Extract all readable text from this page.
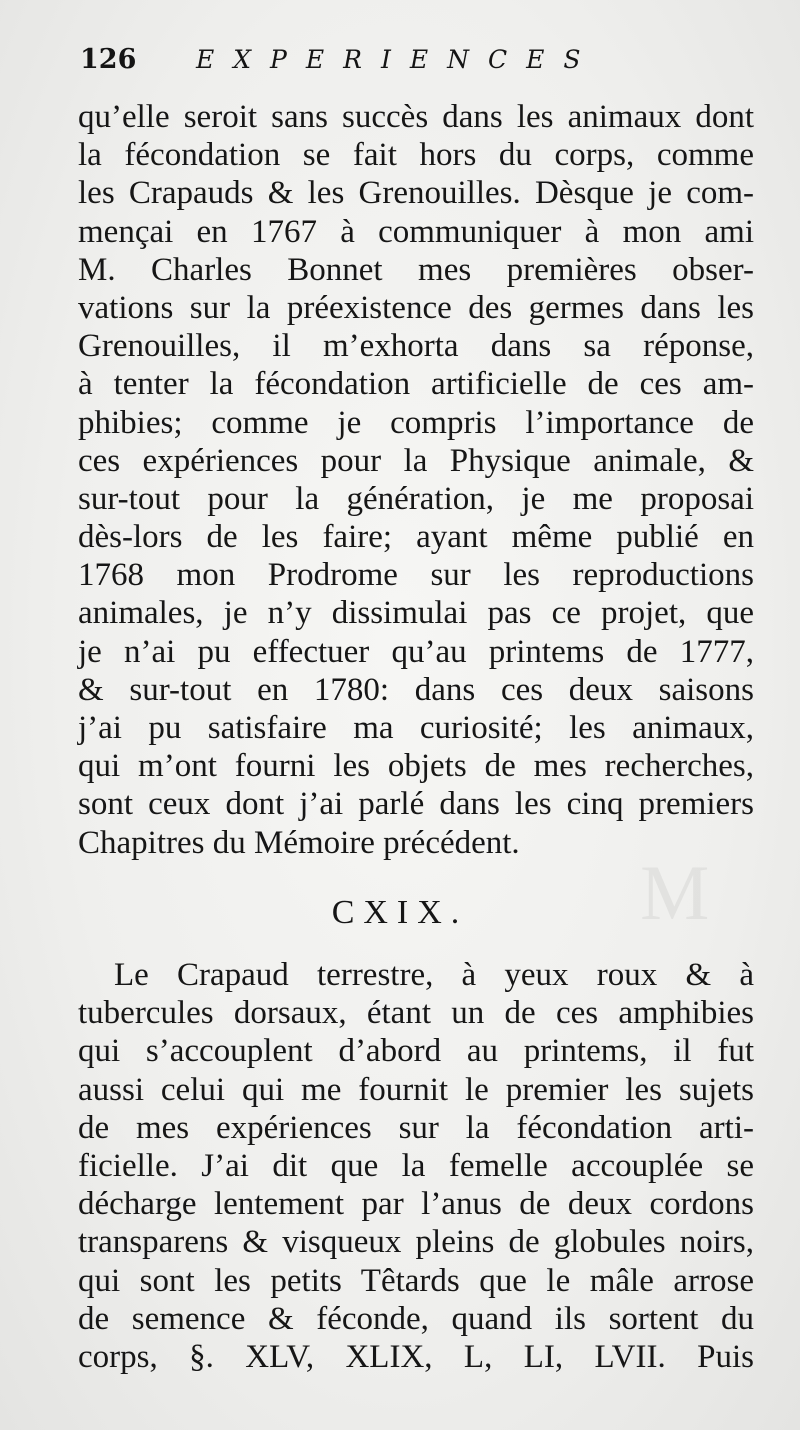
M
126 EXPERIENCES
qu’elle seroit sans succès dans les animaux dont
la fécondation se fait hors du corps, comme
les Crapauds & les Grenouilles. Dèsque je com-
mençai en 1767 à communiquer à mon ami
M. Charles Bonnet mes premières obser-
vations sur la préexistence des germes dans les
Grenouilles, il m’exhorta dans sa réponse,
à tenter la fécondation artificielle de ces am-
phibies; comme je compris l’importance de
ces expériences pour la Physique animale, &
sur-tout pour la génération, je me proposai
dès-lors de les faire; ayant même publié en
1768 mon Prodrome sur les reproductions
animales, je n’y dissimulai pas ce projet, que
je n’ai pu effectuer qu’au printems de 1777,
& sur-tout en 1780: dans ces deux saisons
j’ai pu satisfaire ma curiosité; les animaux,
qui m’ont fourni les objets de mes recherches,
sont ceux dont j’ai parlé dans les cinq premiers
Chapitres du Mémoire précédent.
CXIX.
Le Crapaud terrestre, à yeux roux & à
tubercules dorsaux, étant un de ces amphibies
qui s’accouplent d’abord au printems, il fut
aussi celui qui me fournit le premier les sujets
de mes expériences sur la fécondation arti-
ficielle. J’ai dit que la femelle accouplée se
décharge lentement par l’anus de deux cordons
transparens & visqueux pleins de globules noirs,
qui sont les petits Têtards que le mâle arrose
de semence & féconde, quand ils sortent du
corps, §. XLV, XLIX, L, LI, LVII. Puis
